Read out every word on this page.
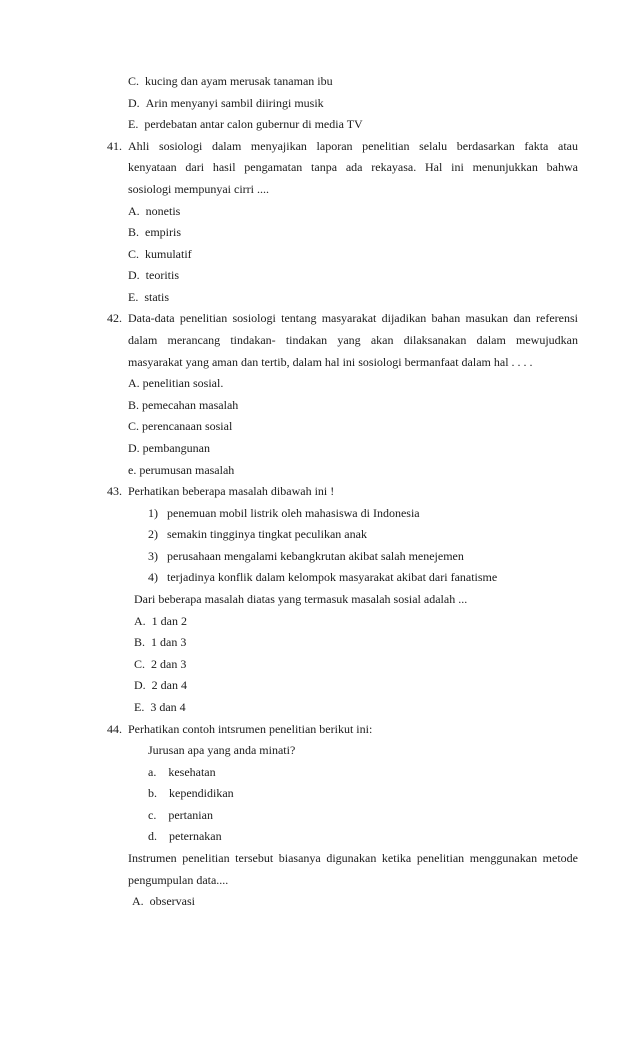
C. kucing dan ayam merusak tanaman ibu
D. Arin menyanyi sambil diiringi musik
E. perdebatan antar calon gubernur di media TV
41. Ahli sosiologi dalam menyajikan laporan penelitian selalu berdasarkan fakta atau
kenyataan dari hasil pengamatan tanpa ada rekayasa. Hal ini menunjukkan bahwa
sosiologi mempunyai cirri ....
A. nonetis
B. empiris
C. kumulatif
D. teoritis
E. statis
42. Data-data penelitian sosiologi tentang masyarakat dijadikan bahan masukan dan referensi
dalam merancang tindakan- tindakan yang akan dilaksanakan dalam mewujudkan
masyarakat yang aman dan tertib, dalam hal ini sosiologi bermanfaat dalam hal . . . .
A. penelitian sosial.
B. pemecahan masalah
C. perencanaan sosial
D. pembangunan
e. perumusan masalah
43. Perhatikan beberapa masalah dibawah ini !
1) penemuan mobil listrik oleh mahasiswa di Indonesia
2) semakin tingginya tingkat peculikan anak
3) perusahaan mengalami kebangkrutan akibat salah menejemen
4) terjadinya konflik dalam kelompok masyarakat akibat dari fanatisme
Dari beberapa masalah diatas yang termasuk masalah sosial adalah ...
A. 1 dan 2
B. 1 dan 3
C. 2 dan 3
D. 2 dan 4
E. 3 dan 4
44. Perhatikan contoh intsrumen penelitian berikut ini:
Jurusan apa yang anda minati?
a. kesehatan
b. kependidikan
c. pertanian
d. peternakan
Instrumen penelitian tersebut biasanya digunakan ketika penelitian menggunakan metode
pengumpulan data....
A. observasi
